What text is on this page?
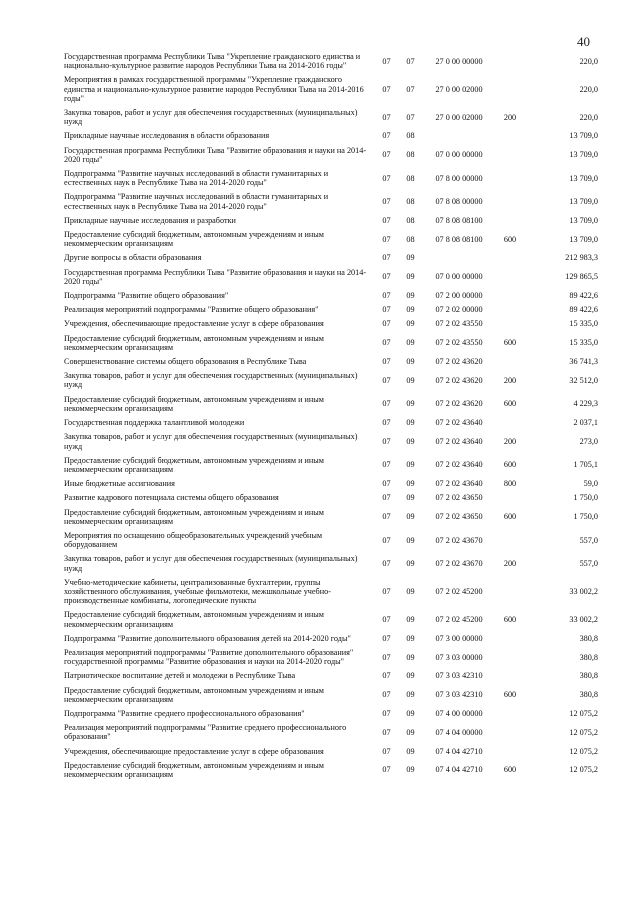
40
Государственная программа Республики Тыва "Укрепление гражданского единства и национально-культурное развитие народов Республики Тыва на 2014-2016 годы"	07	07	27 0 00 00000		220,0
Мероприятия в рамках государственной программы "Укрепление гражданского единства и национально-культурное развитие народов Республики Тыва на 2014-2016 годы"	07	07	27 0 00 02000		220,0
Закупка товаров, работ и услуг для обеспечения государственных (муниципальных) нужд	07	07	27 0 00 02000	200	220,0
Прикладные научные исследования в области образования	07	08			13 709,0
Государственная программа Республики Тыва "Развитие образования и науки на 2014-2020 годы"	07	08	07 0 00 00000		13 709,0
Подпрограмма "Развитие научных исследований в области гуманитарных и естественных наук в Республике Тыва на 2014-2020 годы"	07	08	07 8 00 00000		13 709,0
Подпрограмма "Развитие научных исследований в области гуманитарных и естественных наук в Республике Тыва на 2014-2020 годы"	07	08	07 8 08 00000		13 709,0
Прикладные научные исследования и разработки	07	08	07 8 08 08100		13 709,0
Предоставление субсидий бюджетным, автономным учреждениям и иным некоммерческим организациям	07	08	07 8 08 08100	600	13 709,0
Другие вопросы в области образования	07	09			212 983,3
Государственная программа Республики Тыва "Развитие образования и науки на 2014-2020 годы"	07	09	07 0 00 00000		129 865,5
Подпрограмма "Развитие общего образования"	07	09	07 2 00 00000		89 422,6
Реализация мероприятий подпрограммы "Развитие общего образования"	07	09	07 2 02 00000		89 422,6
Учреждения, обеспечивающие предоставление услуг в сфере образования	07	09	07 2 02 43550		15 335,0
Предоставление субсидий бюджетным, автономным учреждениям и иным некоммерческим организациям	07	09	07 2 02 43550	600	15 335,0
Совершенствование системы общего образования в Республике Тыва	07	09	07 2 02 43620		36 741,3
Закупка товаров, работ и услуг для обеспечения государственных (муниципальных) нужд	07	09	07 2 02 43620	200	32 512,0
Предоставление субсидий бюджетным, автономным учреждениям и иным некоммерческим организациям	07	09	07 2 02 43620	600	4 229,3
Государственная поддержка талантливой молодежи	07	09	07 2 02 43640		2 037,1
Закупка товаров, работ и услуг для обеспечения государственных (муниципальных) нужд	07	09	07 2 02 43640	200	273,0
Предоставление субсидий бюджетным, автономным учреждениям и иным некоммерческим организациям	07	09	07 2 02 43640	600	1 705,1
Иные бюджетные ассигнования	07	09	07 2 02 43640	800	59,0
Развитие кадрового потенциала системы общего образования	07	09	07 2 02 43650		1 750,0
Предоставление субсидий бюджетным, автономным учреждениям и иным некоммерческим организациям	07	09	07 2 02 43650	600	1 750,0
Мероприятия по оснащению общеобразовательных учреждений учебным оборудованием	07	09	07 2 02 43670		557,0
Закупка товаров, работ и услуг для обеспечения государственных (муниципальных) нужд	07	09	07 2 02 43670	200	557,0
Учебно-методические кабинеты, централизованные бухгалтерии, группы хозяйственного обслуживания, учебные фильмотеки, межшкольные учебно-производственные комбинаты, логопедические пункты	07	09	07 2 02 45200		33 002,2
Предоставление субсидий бюджетным, автономным учреждениям и иным некоммерческим организациям	07	09	07 2 02 45200	600	33 002,2
Подпрограмма "Развитие дополнительного образования детей на 2014-2020 годы"	07	09	07 3 00 00000		380,8
Реализация мероприятий подпрограммы "Развитие дополнительного образования" государственной программы "Развитие образования и науки на 2014-2020 годы"	07	09	07 3 03 00000		380,8
Патриотическое воспитание детей и молодежи в Республике Тыва	07	09	07 3 03 42310		380,8
Предоставление субсидий бюджетным, автономным учреждениям и иным некоммерческим организациям	07	09	07 3 03 42310	600	380,8
Подпрограмма "Развитие среднего профессионального образования"	07	09	07 4 00 00000		12 075,2
Реализация мероприятий подпрограммы "Развитие среднего профессионального образования"	07	09	07 4 04 00000		12 075,2
Учреждения, обеспечивающие предоставление услуг в сфере образования	07	09	07 4 04 42710		12 075,2
Предоставление субсидий бюджетным, автономным учреждениям и иным некоммерческим организациям	07	09	07 4 04 42710	600	12 075,2
